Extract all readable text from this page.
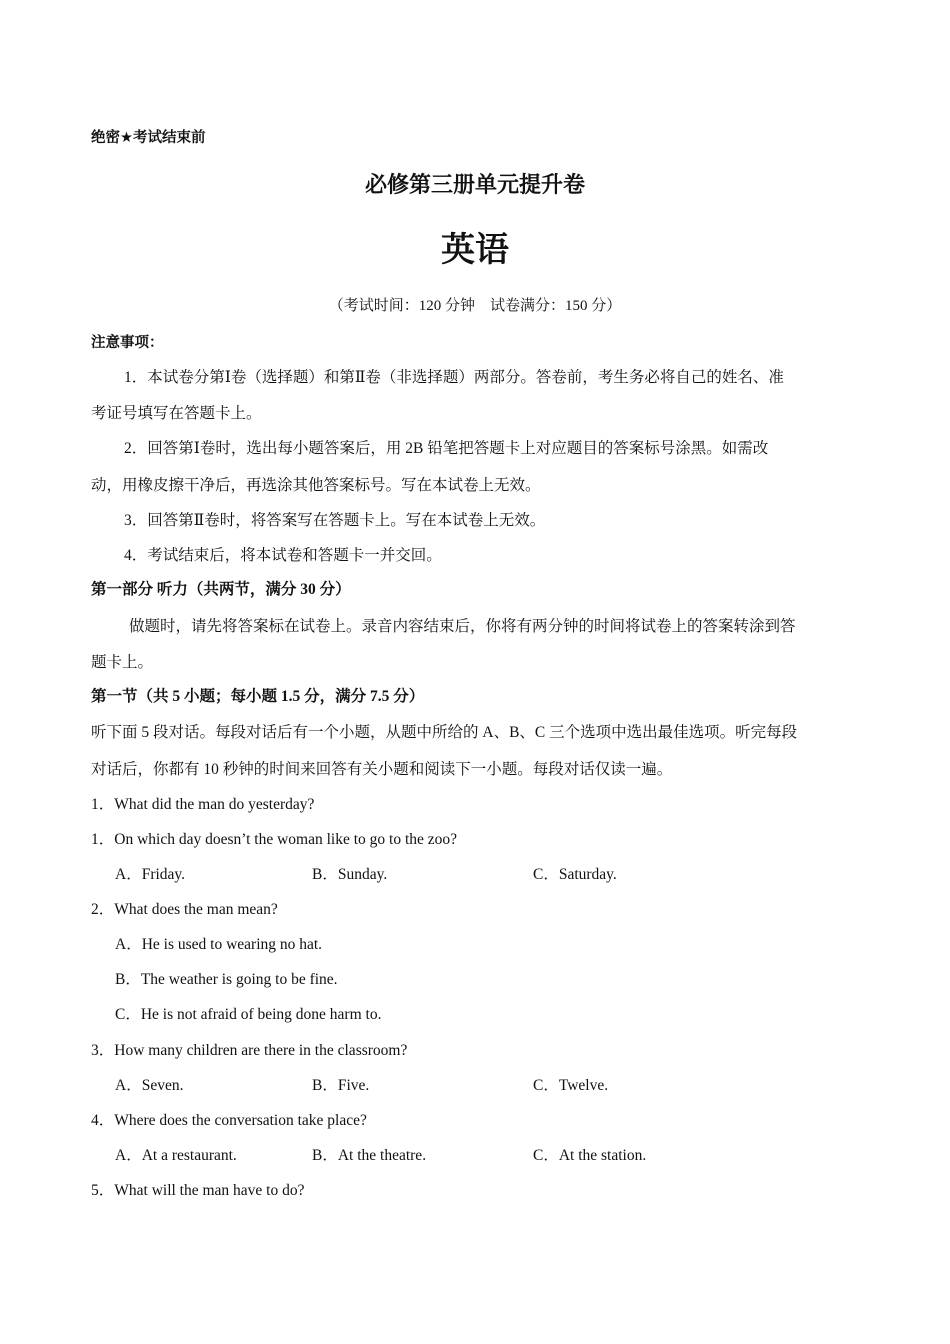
绝密★考试结束前
必修第三册单元提升卷
英语
（考试时间：120 分钟　试卷满分：150 分）
注意事项：
1．本试卷分第Ⅰ卷（选择题）和第Ⅱ卷（非选择题）两部分。答卷前，考生务必将自己的姓名、准
考证号填写在答题卡上。
2．回答第Ⅰ卷时，选出每小题答案后，用 2B 铅笔把答题卡上对应题目的答案标号涂黑。如需改
动，用橡皮擦干净后，再选涂其他答案标号。写在本试卷上无效。
3．回答第Ⅱ卷时，将答案写在答题卡上。写在本试卷上无效。
4．考试结束后，将本试卷和答题卡一并交回。
第一部分 听力（共两节，满分 30 分）
做题时，请先将答案标在试卷上。录音内容结束后，你将有两分钟的时间将试卷上的答案转涂到答
题卡上。
第一节（共 5 小题；每小题 1.5 分，满分 7.5 分）
听下面 5 段对话。每段对话后有一个小题，从题中所给的 A、B、C 三个选项中选出最佳选项。听完每段
对话后，你都有 10 秒钟的时间来回答有关小题和阅读下一小题。每段对话仅读一遍。
1．What did the man do yesterday?
1．On which day doesn’t the woman like to go to the zoo?
A．Friday.	B．Sunday.	C．Saturday.
2．What does the man mean?
A．He is used to wearing no hat.
B．The weather is going to be fine.
C．He is not afraid of being done harm to.
3．How many children are there in the classroom?
A．Seven.	B．Five.	C．Twelve.
4．Where does the conversation take place?
A．At a restaurant.	B．At the theatre.	C．At the station.
5．What will the man have to do?
